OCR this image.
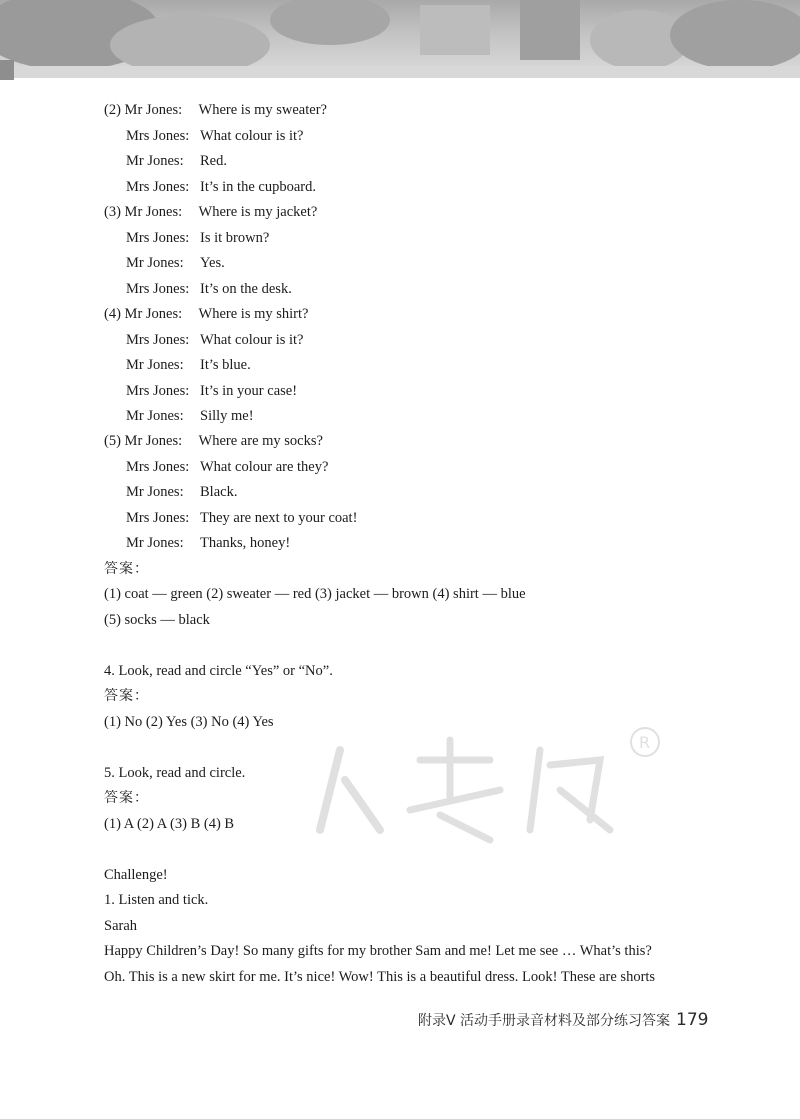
R
(2) Mr Jones: Where is my sweater?
Mrs Jones: What colour is it?
Mr Jones: Red.
Mrs Jones: It’s in the cupboard.
(3) Mr Jones: Where is my jacket?
Mrs Jones: Is it brown?
Mr Jones: Yes.
Mrs Jones: It’s on the desk.
(4) Mr Jones: Where is my shirt?
Mrs Jones: What colour is it?
Mr Jones: It’s blue.
Mrs Jones: It’s in your case!
Mr Jones: Silly me!
(5) Mr Jones: Where are my socks?
Mrs Jones: What colour are they?
Mr Jones: Black.
Mrs Jones: They are next to your coat!
Mr Jones: Thanks, honey!
答案：
(1) coat — green (2) sweater — red (3) jacket — brown (4) shirt — blue
(5) socks — black
4. Look, read and circle “Yes” or “No”.
答案：
(1) No (2) Yes (3) No (4) Yes
5. Look, read and circle.
答案：
(1) A (2) A (3) B (4) B
Challenge!
1. Listen and tick.
Sarah
Happy Children’s Day! So many gifts for my brother Sam and me! Let me see … What’s this?
Oh. This is a new skirt for me. It’s nice! Wow! This is a beautiful dress. Look! These are shorts
附录V 活动手册录音材料及部分练习答案 179
